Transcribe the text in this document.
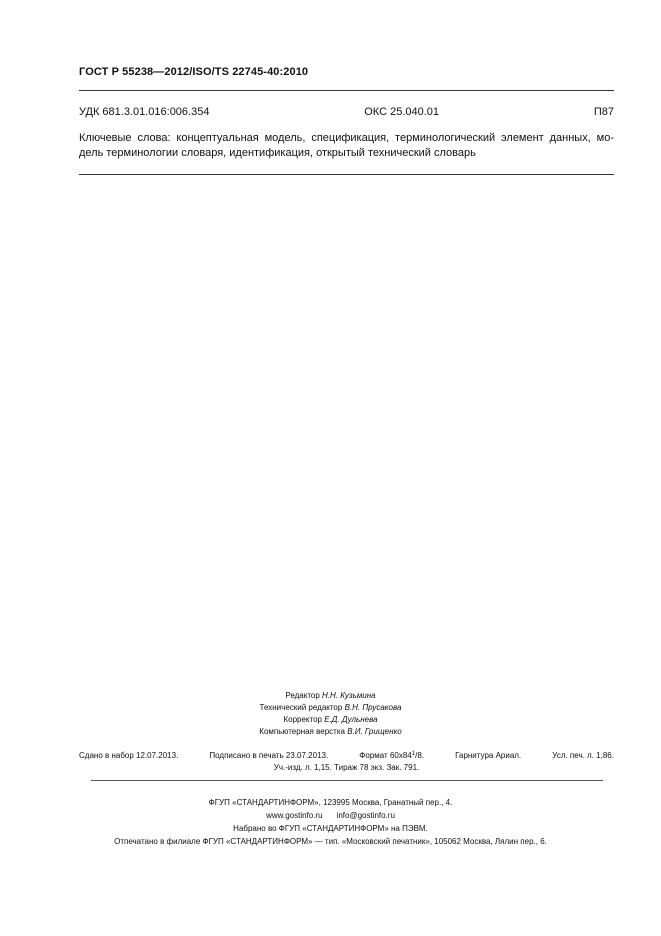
ГОСТ Р 55238—2012/ISO/TS 22745-40:2010
УДК 681.3.01.016:006.354	ОКС 25.040.01	П87
Ключевые слова: концептуальная модель, спецификация, терминологический элемент данных, мо-
дель терминологии словаря, идентификация, открытый технический словарь
Редактор Н.Н. Кузьмина
Технический редактор В.Н. Прусакова
Корректор Е.Д. Дульнева
Компьютерная верстка В.И. Грищенко
Сдано в набор 12.07.2013.	Подписано в печать 23.07.2013.	Формат $60x84^1/8$.	Гарнитура Ариал.	Усл. печ. л. 1,86.
Уч.-изд. л. 1,15. Тираж 78 экз. Зак. 791.
ФГУП «СТАНДАРТИНФОРМ», 123995 Москва, Гранатный пер., 4.
www.gostinfo.ru info@gostinfo.ru
Набрано во ФГУП «СТАНДАРТИНФОРМ» на ПЭВМ.
Отпечатано в филиале ФГУП «СТАНДАРТИНФОРМ» — тип. «Московский печатник», 105062 Москва, Лялин пер., 6.
